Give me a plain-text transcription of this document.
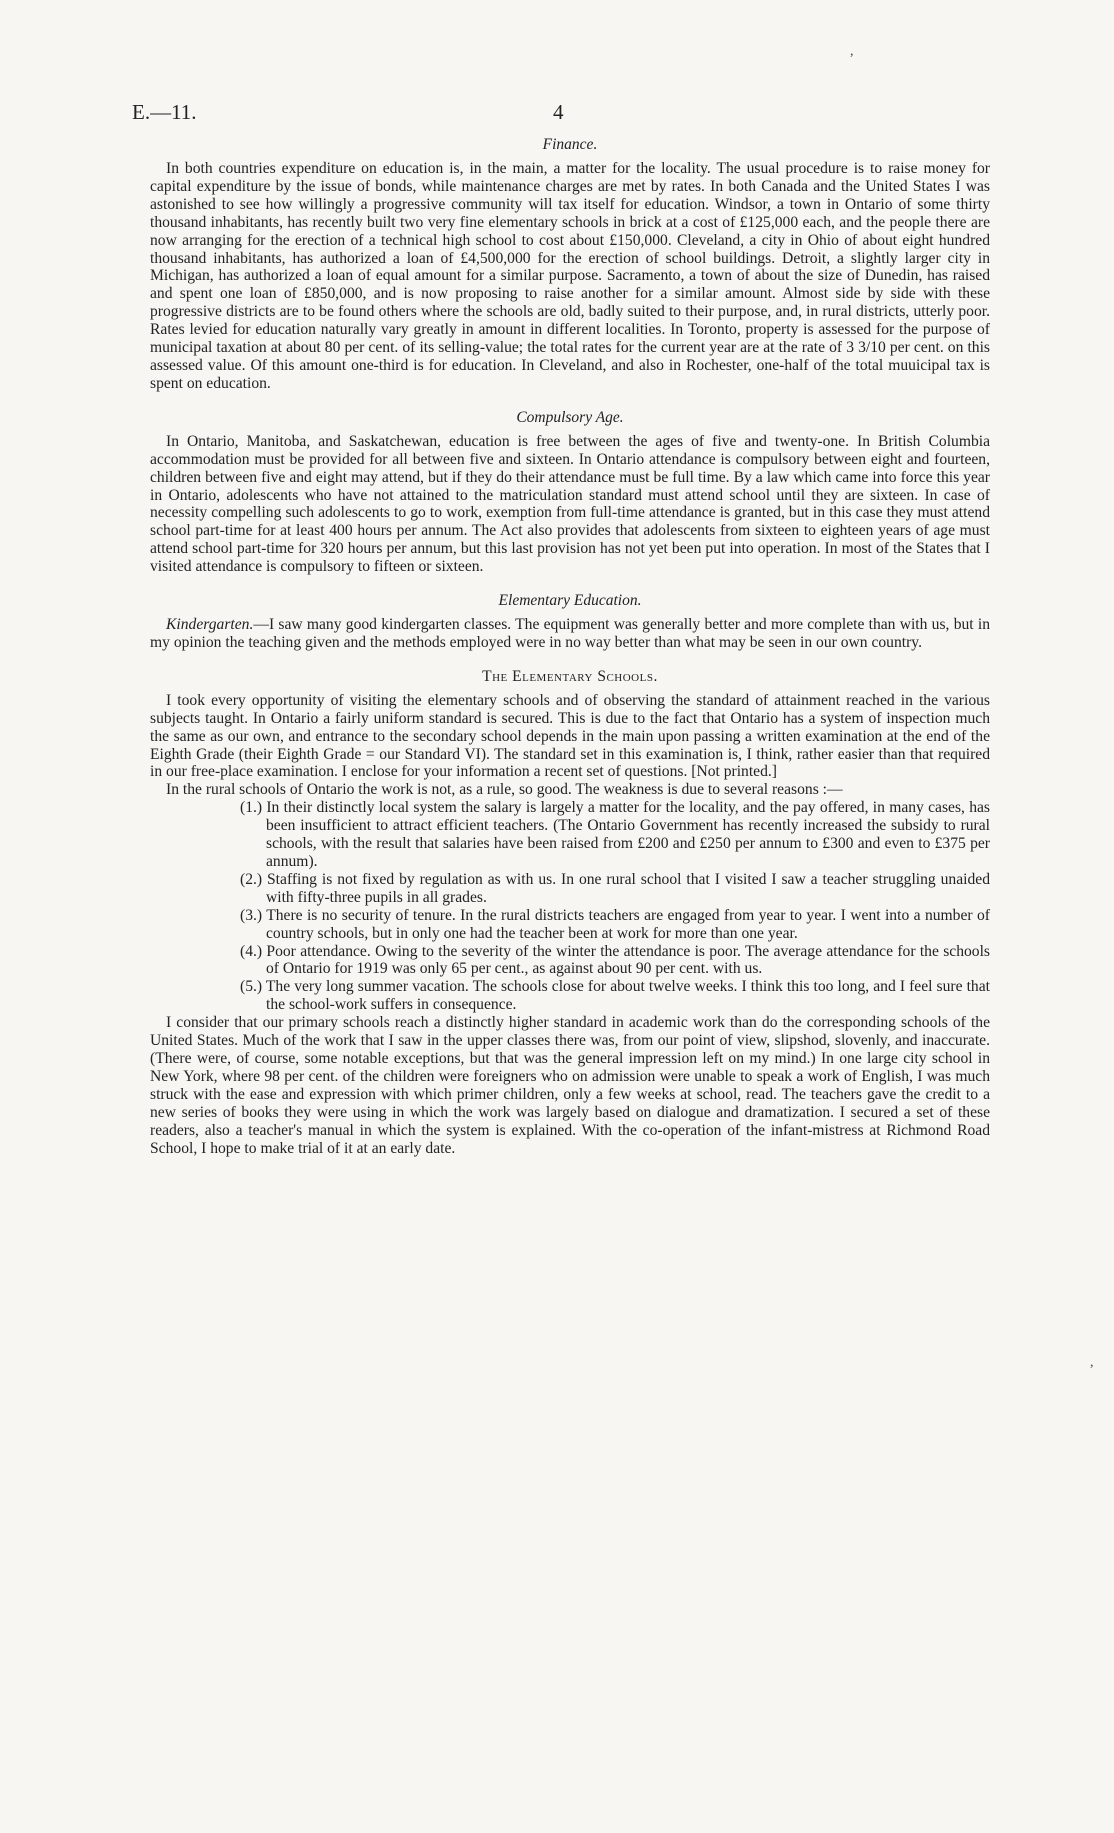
,
,
E.—11.	4
Finance.

In both countries expenditure on education is, in the main, a matter for the locality. The usual procedure is to raise money for capital expenditure by the issue of bonds, while maintenance charges are met by rates. In both Canada and the United States I was astonished to see how willingly a progressive community will tax itself for education. Windsor, a town in Ontario of some thirty thousand inhabitants, has recently built two very fine elementary schools in brick at a cost of £125,000 each, and the people there are now arranging for the erection of a technical high school to cost about £150,000. Cleveland, a city in Ohio of about eight hundred thousand inhabitants, has authorized a loan of £4,500,000 for the erection of school buildings. Detroit, a slightly larger city in Michigan, has authorized a loan of equal amount for a similar purpose. Sacramento, a town of about the size of Dunedin, has raised and spent one loan of £850,000, and is now proposing to raise another for a similar amount. Almost side by side with these progressive districts are to be found others where the schools are old, badly suited to their purpose, and, in rural districts, utterly poor. Rates levied for education naturally vary greatly in amount in different localities. In Toronto, property is assessed for the purpose of municipal taxation at about 80 per cent. of its selling-value; the total rates for the current year are at the rate of 3 3/10 per cent. on this assessed value. Of this amount one-third is for education. In Cleveland, and also in Rochester, one-half of the total muuicipal tax is spent on education.

Compulsory Age.

In Ontario, Manitoba, and Saskatchewan, education is free between the ages of five and twenty-one. In British Columbia accommodation must be provided for all between five and sixteen. In Ontario attendance is compulsory between eight and fourteen, children between five and eight may attend, but if they do their attendance must be full time. By a law which came into force this year in Ontario, adolescents who have not attained to the matriculation standard must attend school until they are sixteen. In case of necessity compelling such adolescents to go to work, exemption from full-time attendance is granted, but in this case they must attend school part-time for at least 400 hours per annum. The Act also provides that adolescents from sixteen to eighteen years of age must attend school part-time for 320 hours per annum, but this last provision has not yet been put into operation. In most of the States that I visited attendance is compulsory to fifteen or sixteen.

Elementary Education.

Kindergarten.—I saw many good kindergarten classes. The equipment was generally better and more complete than with us, but in my opinion the teaching given and the methods employed were in no way better than what may be seen in our own country.

The Elementary Schools.

I took every opportunity of visiting the elementary schools and of observing the standard of attainment reached in the various subjects taught. In Ontario a fairly uniform standard is secured. This is due to the fact that Ontario has a system of inspection much the same as our own, and entrance to the secondary school depends in the main upon passing a written examination at the end of the Eighth Grade (their Eighth Grade = our Standard VI). The standard set in this examination is, I think, rather easier than that required in our free-place examination. I enclose for your information a recent set of questions. [Not printed.]

In the rural schools of Ontario the work is not, as a rule, so good. The weakness is due to several reasons :—

(1.) In their distinctly local system the salary is largely a matter for the locality, and the pay offered, in many cases, has been insufficient to attract efficient teachers. (The Ontario Government has recently increased the subsidy to rural schools, with the result that salaries have been raised from £200 and £250 per annum to £300 and even to £375 per annum).
(2.) Staffing is not fixed by regulation as with us. In one rural school that I visited I saw a teacher struggling unaided with fifty-three pupils in all grades.
(3.) There is no security of tenure. In the rural districts teachers are engaged from year to year. I went into a number of country schools, but in only one had the teacher been at work for more than one year.
(4.) Poor attendance. Owing to the severity of the winter the attendance is poor. The average attendance for the schools of Ontario for 1919 was only 65 per cent., as against about 90 per cent. with us.
(5.) The very long summer vacation. The schools close for about twelve weeks. I think this too long, and I feel sure that the school-work suffers in consequence.

I consider that our primary schools reach a distinctly higher standard in academic work than do the corresponding schools of the United States. Much of the work that I saw in the upper classes there was, from our point of view, slipshod, slovenly, and inaccurate. (There were, of course, some notable exceptions, but that was the general impression left on my mind.) In one large city school in New York, where 98 per cent. of the children were foreigners who on admission were unable to speak a work of English, I was much struck with the ease and expression with which primer children, only a few weeks at school, read. The teachers gave the credit to a new series of books they were using in which the work was largely based on dialogue and dramatization. I secured a set of these readers, also a teacher's manual in which the system is explained. With the co-operation of the infant-mistress at Richmond Road School, I hope to make trial of it at an early date.
